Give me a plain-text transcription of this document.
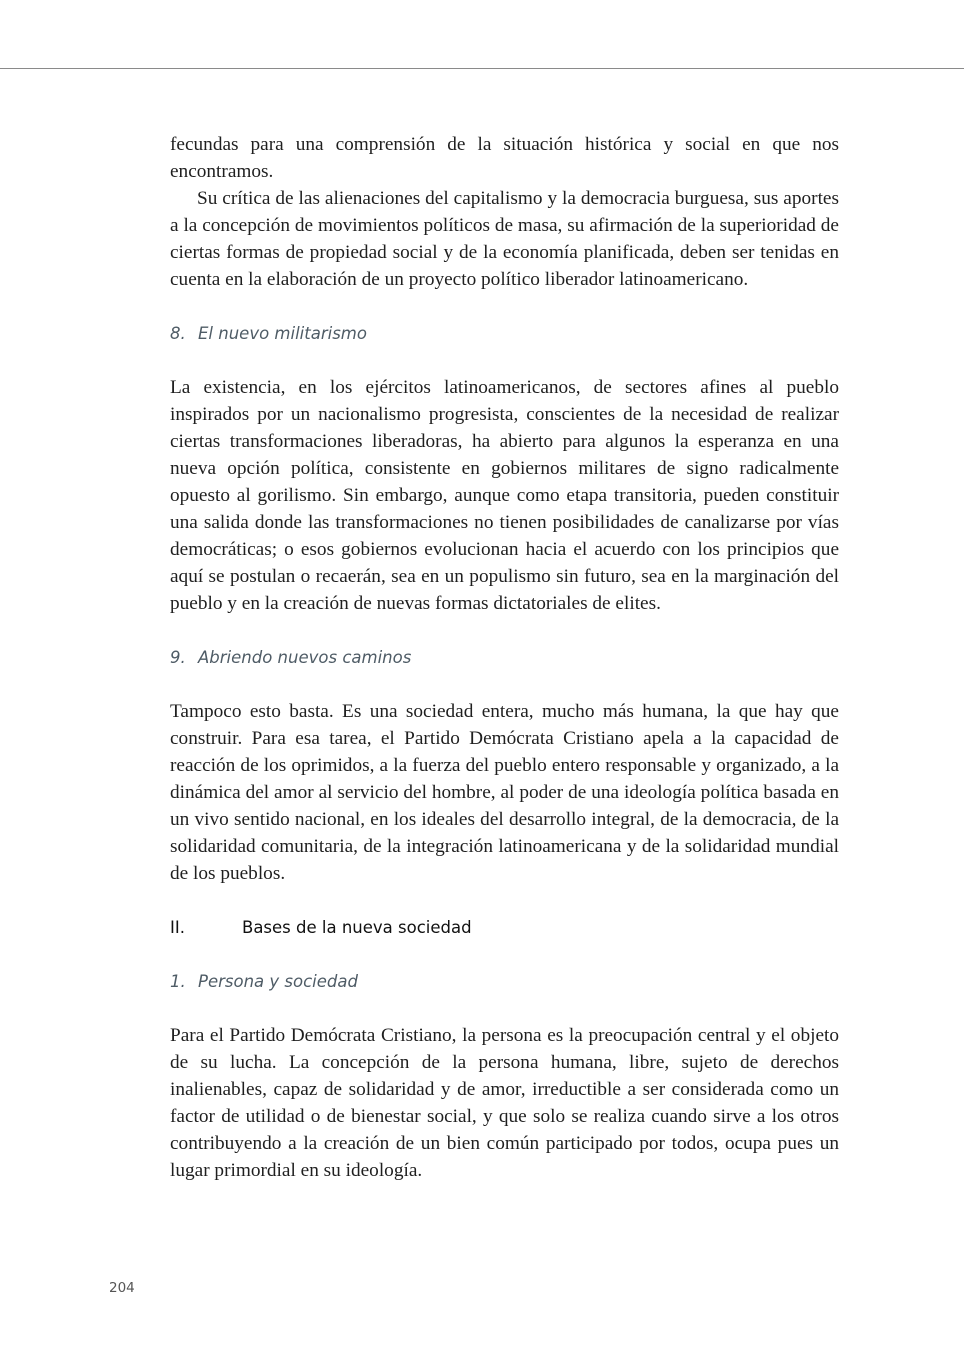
fecundas para una comprensión de la situación histórica y social en que nos encontramos.

Su crítica de las alienaciones del capitalismo y la democracia burguesa, sus aportes a la concepción de movimientos políticos de masa, su afirmación de la superioridad de ciertas formas de propiedad social y de la economía planificada, deben ser tenidas en cuenta en la elaboración de un proyecto político liberador latinoamericano.

8. El nuevo militarismo

La existencia, en los ejércitos latinoamericanos, de sectores afines al pueblo inspirados por un nacionalismo progresista, conscientes de la necesidad de realizar ciertas transformaciones liberadoras, ha abierto para algunos la esperanza en una nueva opción política, consistente en gobiernos militares de signo radicalmente opuesto al gorilismo. Sin embargo, aunque como etapa transitoria, pueden constituir una salida donde las transformaciones no tienen posibilidades de canalizarse por vías democráticas; o esos gobiernos evolucionan hacia el acuerdo con los principios que aquí se postulan o recaerán, sea en un populismo sin futuro, sea en la marginación del pueblo y en la creación de nuevas formas dictatoriales de elites.

9. Abriendo nuevos caminos

Tampoco esto basta. Es una sociedad entera, mucho más humana, la que hay que construir. Para esa tarea, el Partido Demócrata Cristiano apela a la capacidad de reacción de los oprimidos, a la fuerza del pueblo entero responsable y organizado, a la dinámica del amor al servicio del hombre, al poder de una ideología política basada en un vivo sentido nacional, en los ideales del desarrollo integral, de la democracia, de la solidaridad comunitaria, de la integración latinoamericana y de la solidaridad mundial de los pueblos.

II.	Bases de la nueva sociedad

1. Persona y sociedad

Para el Partido Demócrata Cristiano, la persona es la preocupación central y el objeto de su lucha. La concepción de la persona humana, libre, sujeto de derechos inalienables, capaz de solidaridad y de amor, irreductible a ser considerada como un factor de utilidad o de bienestar social, y que solo se realiza cuando sirve a los otros contribuyendo a la creación de un bien común participado por todos, ocupa pues un lugar primordial en su ideología.

204
